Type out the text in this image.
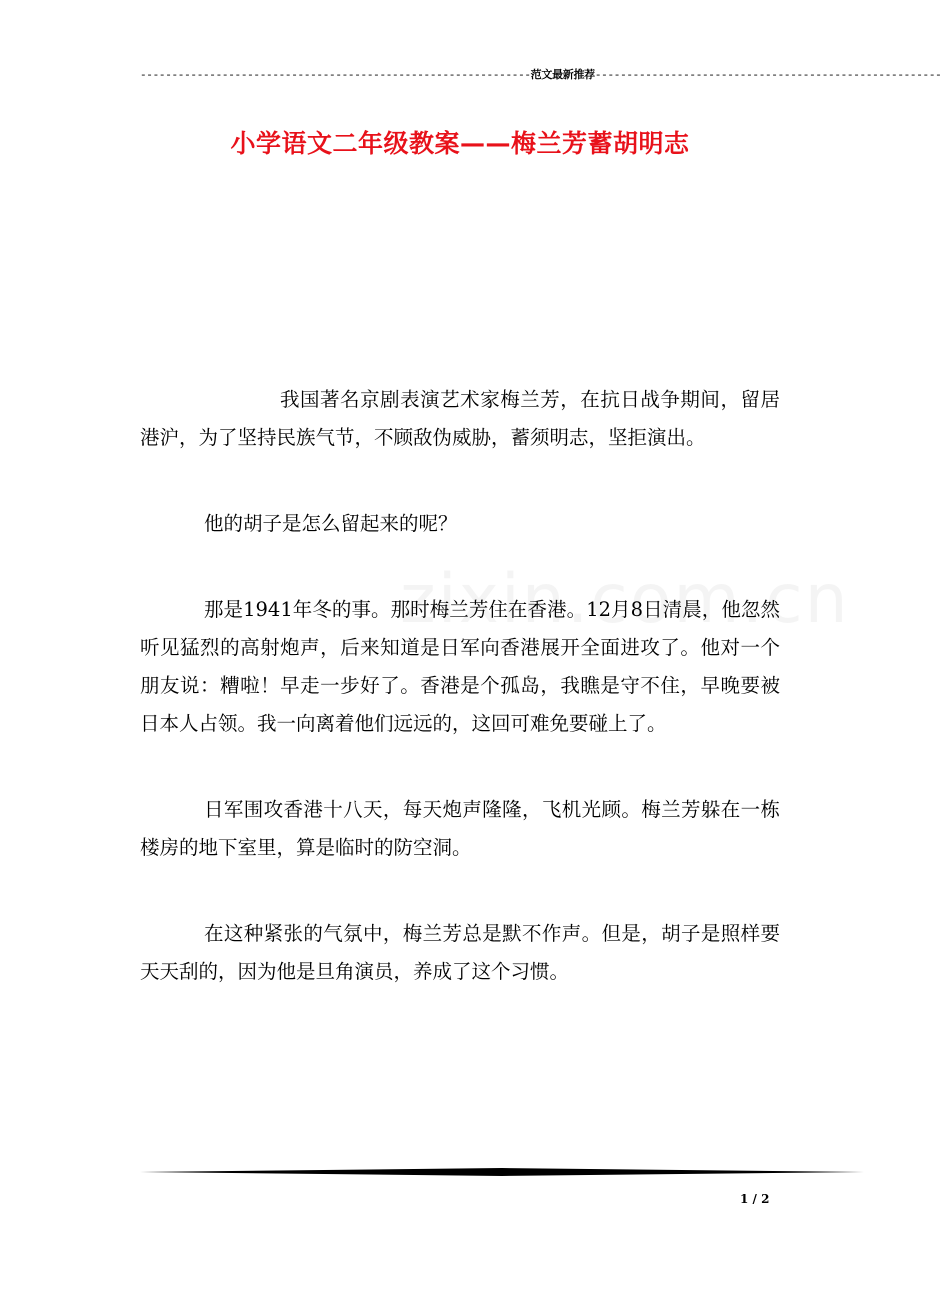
--------------------------------------------------------------范文最新推荐-------------------------------------------------------
小学语文二年级教案——梅兰芳蓄胡明志

我国著名京剧表演艺术家梅兰芳，在抗日战争期间，留居港沪，为了坚持民族气节，不顾敌伪威胁，蓄须明志，坚拒演出。

他的胡子是怎么留起来的呢？

那是1941年冬的事。那时梅兰芳住在香港。12月8日清晨，他忽然听见猛烈的高射炮声，后来知道是日军向香港展开全面进攻了。他对一个朋友说：糟啦！早走一步好了。香港是个孤岛，我瞧是守不住，早晚要被日本人占领。我一向离着他们远远的，这回可难免要碰上了。

日军围攻香港十八天，每天炮声隆隆，飞机光顾。梅兰芳躲在一栋楼房的地下室里，算是临时的防空洞。

在这种紧张的气氛中，梅兰芳总是默不作声。但是，胡子是照样要天天刮的，因为他是旦角演员，养成了这个习惯。

1 / 2
